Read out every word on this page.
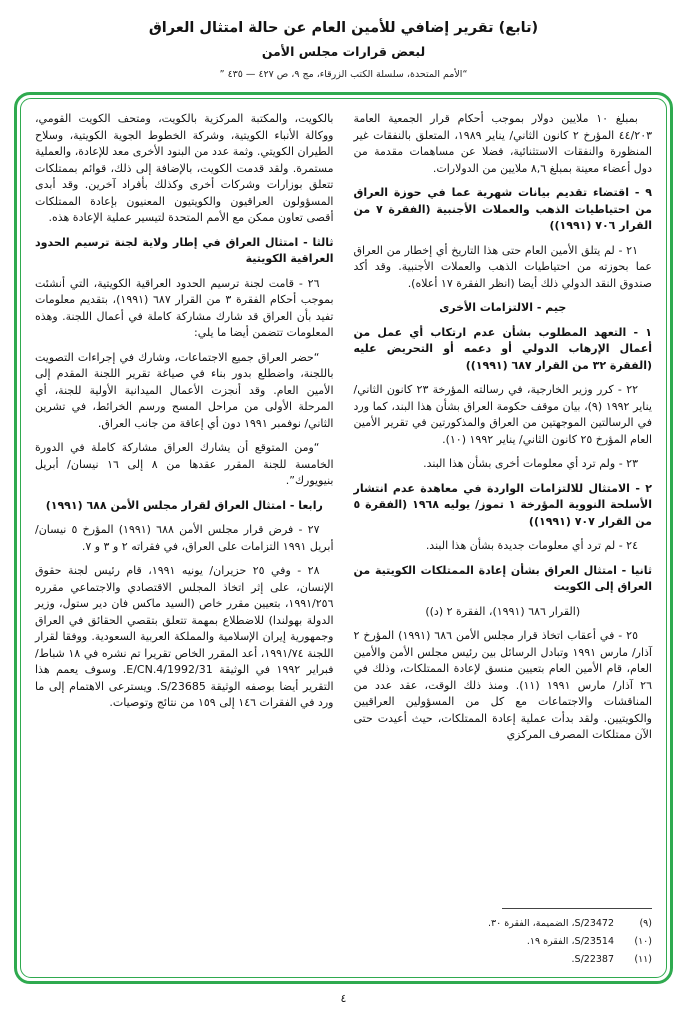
(تابع) تقرير إضافي للأمين العام عن حالة امتثال العراق
لبعض قرارات مجلس الأمن
“الأمم المتحدة، سلسلة الكتب الزرقاء، مج ٩، ص ٤٢٧ — ٤٣٥ ”

بمبلغ ١٠ ملايين دولار بموجب أحكام قرار الجمعية العامة ٤٤/٢٠٣ المؤرخ ٢ كانون الثاني/ يناير ١٩٨٩، المتعلق بالنفقات غير المنظورة والنفقات الاستثنائية، فضلا عن مساهمات مقدمة من دول أعضاء معينة بمبلغ ٨,٦ ملايين من الدولارات.

٩ - اقتضاء تقديم بيانات شهرية عما في حوزة العراق من احتياطيات الذهب والعملات الأجنبية (الفقرة ٧ من القرار ٧٠٦ (١٩٩١))

٢١ - لم يتلق الأمين العام حتى هذا التاريخ أي إخطار من العراق عما بحوزته من احتياطيات الذهب والعملات الأجنبية. وقد أكد صندوق النقد الدولي ذلك أيضا (انظر الفقرة ١٧ أعلاه).

جيم - الالتزامات الأخرى

١ - التعهد المطلوب بشأن عدم ارتكاب أي عمل من أعمال الإرهاب الدولي أو دعمه أو التحريض عليه (الفقرة ٣٢ من القرار ٦٨٧ (١٩٩١))

٢٢ - كرر وزير الخارجية، في رسالته المؤرخة ٢٣ كانون الثاني/ يناير ١٩٩٢ (٩)، بيان موقف حكومة العراق بشأن هذا البند، كما ورد في الرسالتين الموجهتين من العراق والمذكورتين في تقرير الأمين العام المؤرخ ٢٥ كانون الثاني/ يناير ١٩٩٢ (١٠).

٢٣ - ولم ترد أي معلومات أخرى بشأن هذا البند.

٢ - الامتثال للالتزامات الواردة في معاهدة عدم انتشار الأسلحة النووية المؤرخة ١ تموز/ يوليه ١٩٦٨ (الفقرة ٥ من القرار ٧٠٧ (١٩٩١))

٢٤ - لم ترد أي معلومات جديدة بشأن هذا البند.

ثانيا - امتثال العراق بشأن إعادة الممتلكات الكويتية من العراق إلى الكويت

(القرار ٦٨٦ (١٩٩١)، الفقرة ٢ (د))

٢٥ - في أعقاب اتخاذ قرار مجلس الأمن ٦٨٦ (١٩٩١) المؤرخ ٢ آذار/ مارس ١٩٩١ وتبادل الرسائل بين رئيس مجلس الأمن والأمين العام، قام الأمين العام بتعيين منسق لإعادة الممتلكات، وذلك في ٢٦ آذار/ مارس ١٩٩١ (١١). ومنذ ذلك الوقت، عقد عدد من المناقشات والاجتماعات مع كل من المسؤولين العراقيين والكويتيين. ولقد بدأت عملية إعادة الممتلكات، حيث أعيدت حتى الآن ممتلكات المصرف المركزي

(٩)
S/23472، الضميمة، الفقرة ٣٠.
(١٠)
S/23514، الفقرة ١٩.
(١١)
S/22387.

بالكويت، والمكتبة المركزية بالكويت، ومتحف الكويت القومي، ووكالة الأنباء الكويتية، وشركة الخطوط الجوية الكويتية، وسلاح الطيران الكويتي. وثمة عدد من البنود الأخرى معد للإعادة، والعملية مستمرة. ولقد قدمت الكويت، بالإضافة إلى ذلك، قوائم بممتلكات تتعلق بوزارات وشركات أخرى وكذلك بأفراد آخرين. وقد أبدى المسؤولون العراقيون والكويتيون المعنيون بإعادة الممتلكات أقصى تعاون ممكن مع الأمم المتحدة لتيسير عملية الإعادة هذه.

ثالثا - امتثال العراق في إطار ولاية لجنة ترسيم الحدود العراقية الكويتية

٢٦ - قامت لجنة ترسيم الحدود العراقية الكويتية، التي أنشئت بموجب أحكام الفقرة ٣ من القرار ٦٨٧ (١٩٩١)، بتقديم معلومات تفيد بأن العراق قد شارك مشاركة كاملة في أعمال اللجنة. وهذه المعلومات تتضمن أيضا ما يلي:

“حضر العراق جميع الاجتماعات، وشارك في إجراءات التصويت باللجنة، واضطلع بدور بناء في صياغة تقرير اللجنة المقدم إلى الأمين العام. وقد أنجزت الأعمال الميدانية الأولية للجنة، أي المرحلة الأولى من مراحل المسح ورسم الخرائط، في تشرين الثاني/ نوفمبر ١٩٩١ دون أي إعاقة من جانب العراق.

“ومن المتوقع أن يشارك العراق مشاركة كاملة في الدورة الخامسة للجنة المقرر عقدها من ٨ إلى ١٦ نيسان/ أبريل بنيويورك”.

رابعا - امتثال العراق لقرار مجلس الأمن ٦٨٨ (١٩٩١)

٢٧ - فرض قرار مجلس الأمن ٦٨٨ (١٩٩١) المؤرخ ٥ نيسان/ أبريل ١٩٩١ التزامات على العراق، في فقراته ٢ و ٣ و ٧.

٢٨ - وفي ٢٥ حزيران/ يونيه ١٩٩١، قام رئيس لجنة حقوق الإنسان، على إثر اتخاذ المجلس الاقتصادي والاجتماعي مقرره ١٩٩١/٢٥٦، بتعيين مقرر خاص (السيد ماكس فان دير ستول، وزير الدولة بهولندا) للاضطلاع بمهمة تتعلق بتقصي الحقائق في العراق وجمهورية إيران الإسلامية والمملكة العربية السعودية. ووفقا لقرار اللجنة ١٩٩١/٧٤، أعد المقرر الخاص تقريرا تم نشره في ١٨ شباط/ فبراير ١٩٩٢ في الوثيقة E/CN.4/1992/31. وسوف يعمم هذا التقرير أيضا بوصفه الوثيقة S/23685. ويسترعى الاهتمام إلى ما ورد في الفقرات ١٤٦ إلى ١٥٩ من نتائج وتوصيات.

٤
